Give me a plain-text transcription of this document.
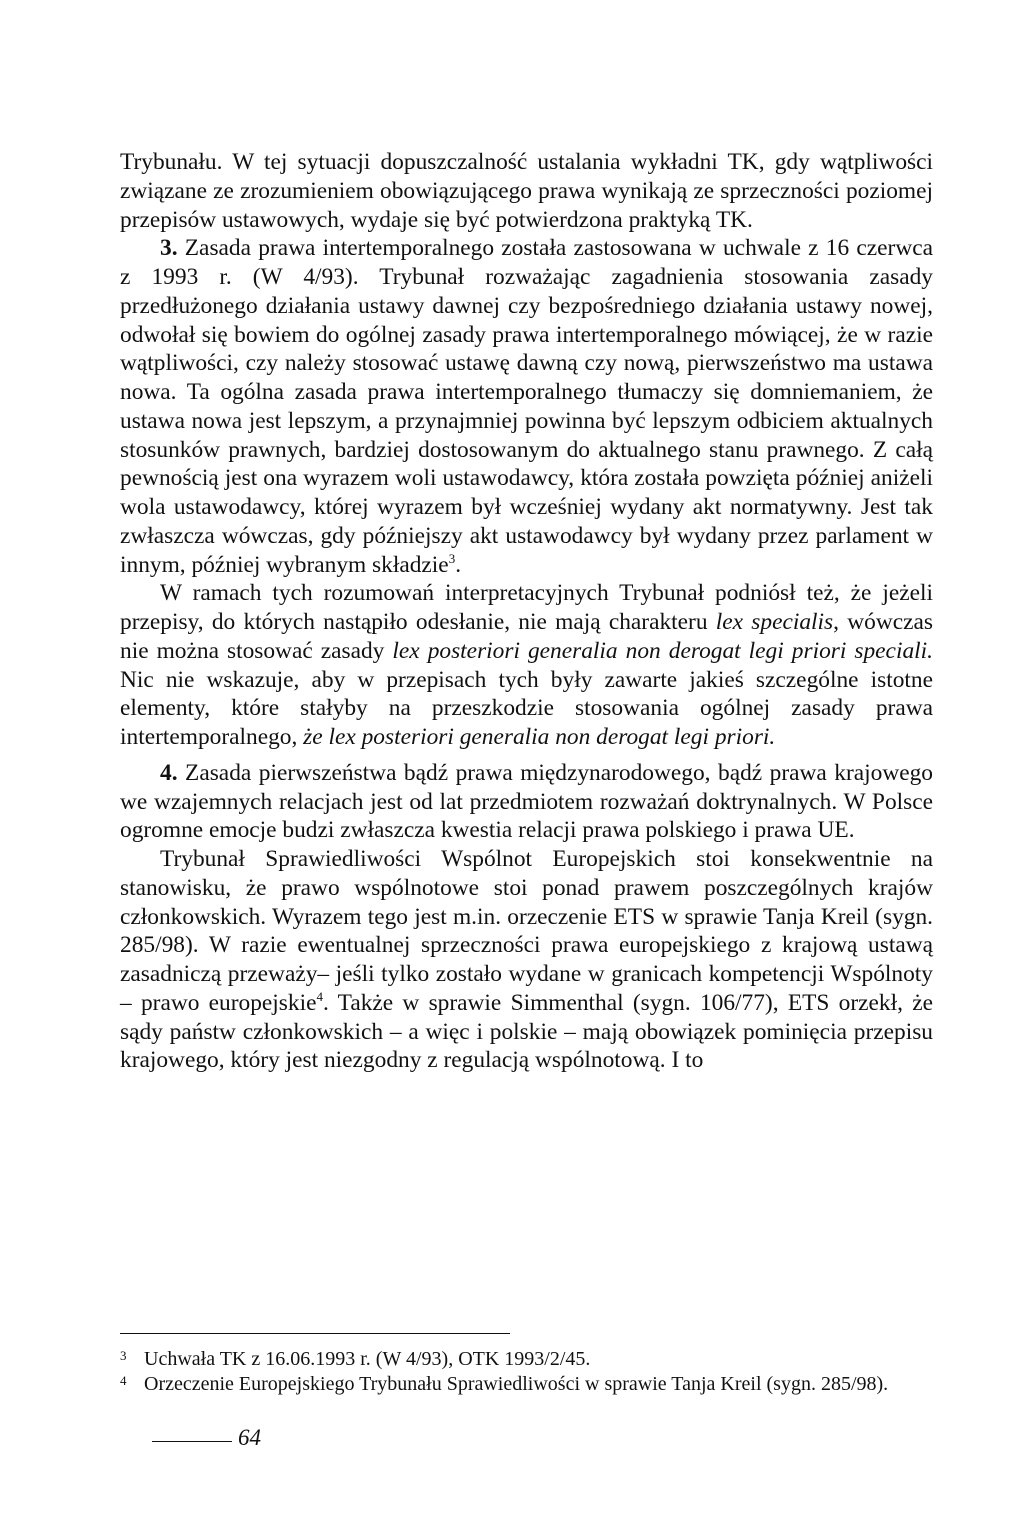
Trybunału. W tej sytuacji dopuszczalność ustalania wykładni TK, gdy wątpliwości związane ze zrozumieniem obowiązującego prawa wynikają ze sprzeczności poziomej przepisów ustawowych, wydaje się być potwierdzona praktyką TK.

3. Zasada prawa intertemporalnego została zastosowana w uchwale z 16 czerwca z 1993 r. (W 4/93). Trybunał rozważając zagadnienia stosowania zasady przedłużonego działania ustawy dawnej czy bezpośredniego działania ustawy nowej, odwołał się bowiem do ogólnej zasady prawa intertemporalnego mówiącej, że w razie wątpliwości, czy należy stosować ustawę dawną czy nową, pierwszeństwo ma ustawa nowa. Ta ogólna zasada prawa intertemporalnego tłumaczy się domniemaniem, że ustawa nowa jest lepszym, a przynajmniej powinna być lepszym odbiciem aktualnych stosunków prawnych, bardziej dostosowanym do aktualnego stanu prawnego. Z całą pewnością jest ona wyrazem woli ustawodawcy, która została powzięta później aniżeli wola ustawodawcy, której wyrazem był wcześniej wydany akt normatywny. Jest tak zwłaszcza wówczas, gdy późniejszy akt ustawodawcy był wydany przez parlament w innym, później wybranym składzie$^3$.

W ramach tych rozumowań interpretacyjnych Trybunał podniósł też, że jeżeli przepisy, do których nastąpiło odesłanie, nie mają charakteru lex specialis, wówczas nie można stosować zasady lex posteriori generalia non derogat legi priori speciali. Nic nie wskazuje, aby w przepisach tych były zawarte jakieś szczególne istotne elementy, które stałyby na przeszkodzie stosowania ogólnej zasady prawa intertemporalnego, że lex posteriori generalia non derogat legi priori.

4. Zasada pierwszeństwa bądź prawa międzynarodowego, bądź prawa krajowego we wzajemnych relacjach jest od lat przedmiotem rozważań doktrynalnych. W Polsce ogromne emocje budzi zwłaszcza kwestia relacji prawa polskiego i prawa UE.

Trybunał Sprawiedliwości Wspólnot Europejskich stoi konsekwentnie na stanowisku, że prawo wspólnotowe stoi ponad prawem poszczególnych krajów członkowskich. Wyrazem tego jest m.in. orzeczenie ETS w sprawie Tanja Kreil (sygn. 285/98). W razie ewentualnej sprzeczności prawa europejskiego z krajową ustawą zasadniczą przeważy– jeśli tylko zostało wydane w granicach kompetencji Wspólnoty – prawo europejskie$^4$. Także w sprawie Simmenthal (sygn. 106/77), ETS orzekł, że sądy państw członkowskich – a więc i polskie – mają obowiązek pominięcia przepisu krajowego, który jest niezgodny z regulacją wspólnotową. I to

3 Uchwała TK z 16.06.1993 r. (W 4/93), OTK 1993/2/45.
4 Orzeczenie Europejskiego Trybunału Sprawiedliwości w sprawie Tanja Kreil (sygn. 285/98).
64
